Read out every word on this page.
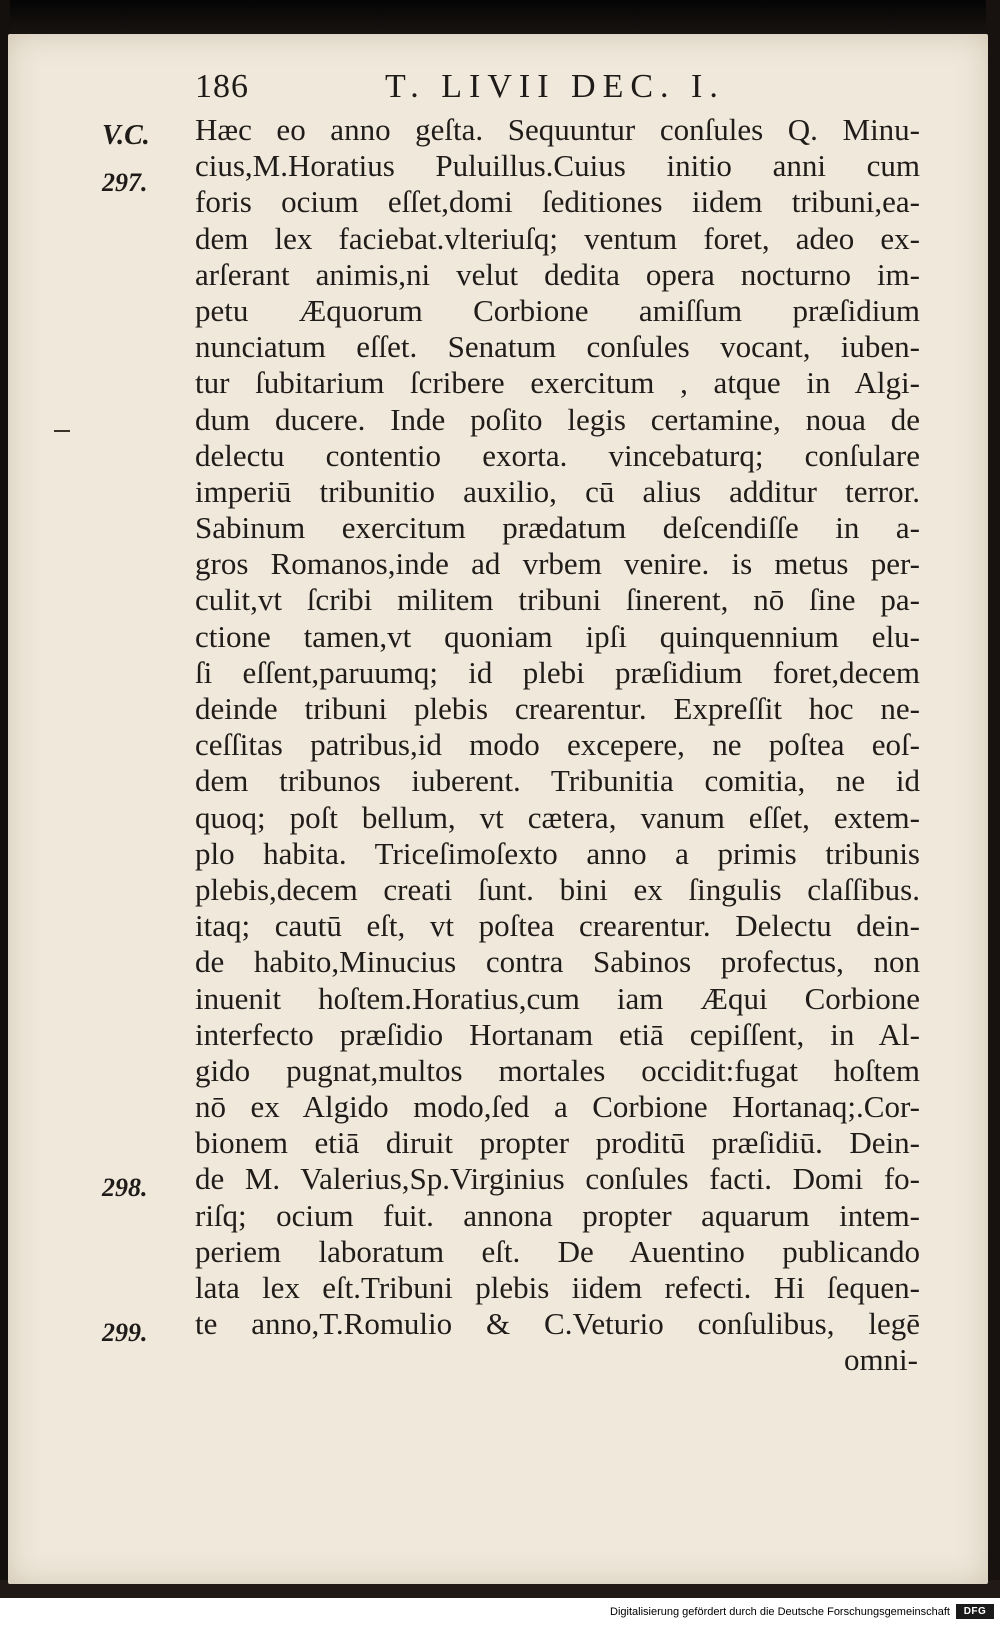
186	T. LIVII DEC. I.
V.C.
297.
298.
299.
Hæc eo anno geſta. Sequuntur conſules Q. Minu-
cius,M.Horatius Puluillus.Cuius initio anni cum
foris ocium eſſet,domi ſeditiones iidem tribuni,ea-
dem lex faciebat.vlteriuſq; ventum foret, adeo ex-
arſerant animis,ni velut dedita opera nocturno im-
petu Æquorum Corbione amiſſum præſidium
nunciatum eſſet. Senatum conſules vocant, iuben-
tur ſubitarium ſcribere exercitum , atque in Algi-
dum ducere. Inde poſito legis certamine, noua de
delectu contentio exorta. vincebaturq; conſulare
imperiū tribunitio auxilio, cū alius additur terror.
Sabinum exercitum prædatum deſcendiſſe in a-
gros Romanos,inde ad vrbem venire. is metus per-
culit,vt ſcribi militem tribuni ſinerent, nō ſine pa-
ctione tamen,vt quoniam ipſi quinquennium elu-
ſi eſſent,paruumq; id plebi præſidium foret,decem
deinde tribuni plebis crearentur. Expreſſit hoc ne-
ceſſitas patribus,id modo excepere, ne poſtea eoſ-
dem tribunos iuberent. Tribunitia comitia, ne id
quoq; poſt bellum, vt cætera, vanum eſſet, extem-
plo habita. Triceſimoſexto anno a primis tribunis
plebis,decem creati ſunt. bini ex ſingulis claſſibus.
itaq; cautū eſt, vt poſtea crearentur. Delectu dein-
de habito,Minucius contra Sabinos profectus, non
inuenit hoſtem.Horatius,cum iam Æqui Corbione
interfecto præſidio Hortanam etiā cepiſſent, in Al-
gido pugnat,multos mortales occidit:fugat hoſtem
nō ex Algido modo,ſed a Corbione Hortanaq;.Cor-
bionem etiā diruit propter proditū præſidiū. Dein-
de M. Valerius,Sp.Virginius conſules facti. Domi fo-
riſq; ocium fuit. annona propter aquarum intem-
periem laboratum eſt. De Auentino publicando
lata lex eſt.Tribuni plebis iidem refecti. Hi ſequen-
te anno,T.Romulio & C.Veturio conſulibus, legē
omni-
Digitalisierung gefördert durch die Deutsche Forschungsgemeinschaft	DFG
